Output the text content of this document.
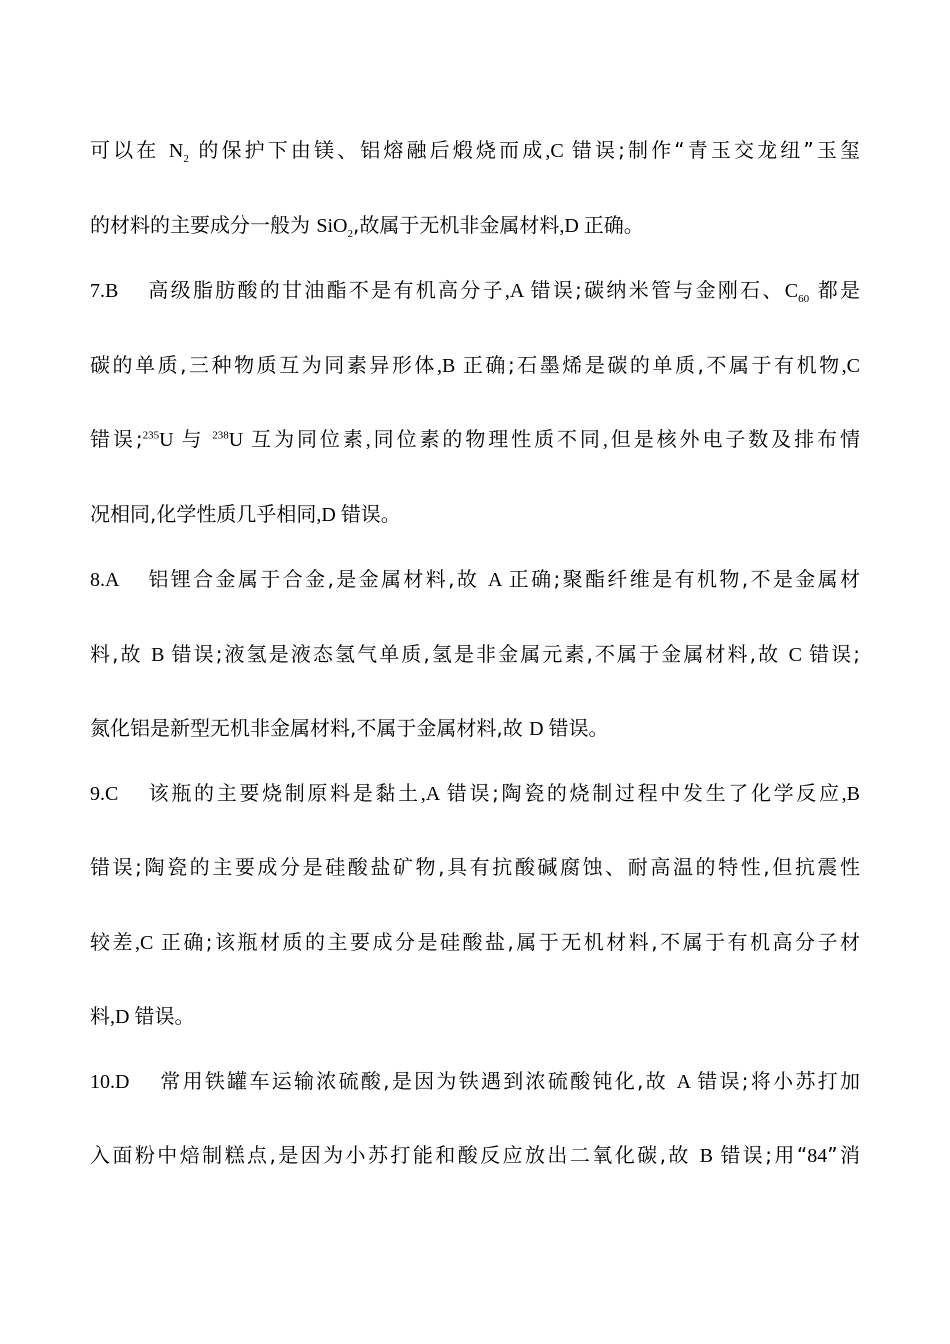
可以在 $N_2$ 的保护下由镁、铝熔融后煅烧而成,C 错误;制作“青玉交龙纽”玉玺
的材料的主要成分一般为 SiO$_2$,故属于无机非金属材料,D 正确。
7.B 高级脂肪酸的甘油酯不是有机高分子,A 错误;碳纳米管与金刚石、$C_{60}$ 都是
碳的单质,三种物质互为同素异形体,B 正确;石墨烯是碳的单质,不属于有机物,C
错误;$^{235}$U 与 $^{238}$U 互为同位素,同位素的物理性质不同,但是核外电子数及排布情
况相同,化学性质几乎相同,D 错误。
8.A 铝锂合金属于合金,是金属材料,故 A 正确;聚酯纤维是有机物,不是金属材
料,故 B 错误;液氢是液态氢气单质,氢是非金属元素,不属于金属材料,故 C 错误;
氮化铝是新型无机非金属材料,不属于金属材料,故 D 错误。
9.C 该瓶的主要烧制原料是黏土,A 错误;陶瓷的烧制过程中发生了化学反应,B
错误;陶瓷的主要成分是硅酸盐矿物,具有抗酸碱腐蚀、耐高温的特性,但抗震性
较差,C 正确;该瓶材质的主要成分是硅酸盐,属于无机材料,不属于有机高分子材
料,D 错误。
10.D 常用铁罐车运输浓硫酸,是因为铁遇到浓硫酸钝化,故 A 错误;将小苏打加
入面粉中焙制糕点,是因为小苏打能和酸反应放出二氧化碳,故 B 错误;用“84”消
